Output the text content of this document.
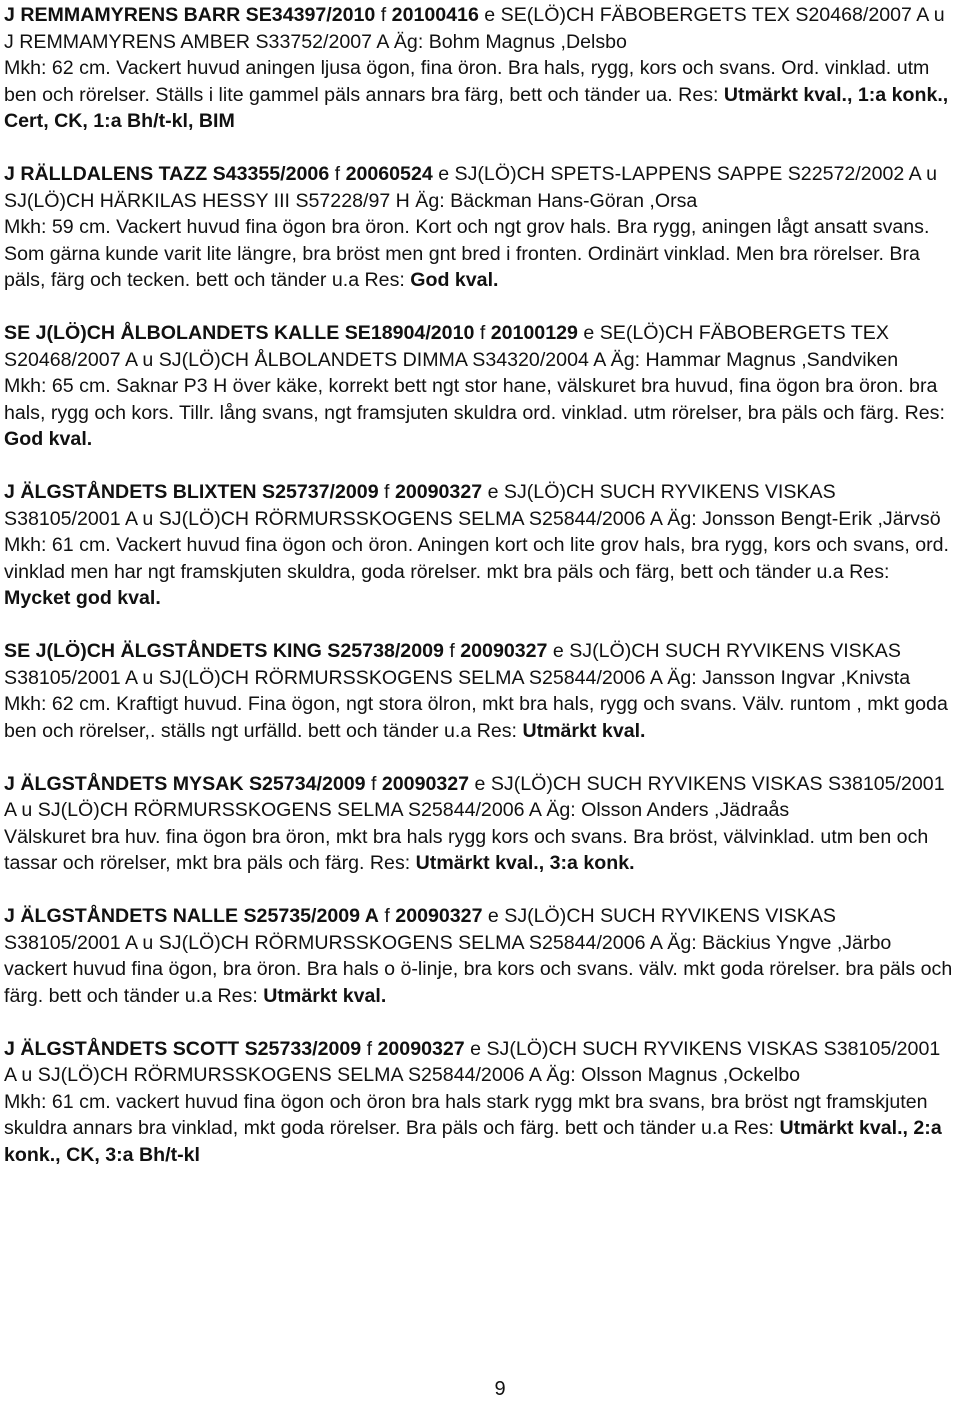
J REMMAMYRENS BARR SE34397/2010 f 20100416 e SE(LÖ)CH FÄBOBERGETS TEX S20468/2007 A u J REMMAMYRENS AMBER S33752/2007 A Äg: Bohm Magnus ,Delsbo
Mkh: 62 cm. Vackert huvud aningen ljusa ögon, fina öron. Bra hals, rygg, kors och svans. Ord. vinklad. utm ben och rörelser. Ställs i lite gammel päls annars bra färg, bett och tänder ua. Res: Utmärkt kval., 1:a konk., Cert, CK, 1:a Bh/t-kl, BIM
J RÄLLDALENS TAZZ S43355/2006 f 20060524 e SJ(LÖ)CH SPETS-LAPPENS SAPPE S22572/2002 A u SJ(LÖ)CH HÄRKILAS HESSY III S57228/97 H Äg: Bäckman Hans-Göran ,Orsa
Mkh: 59 cm. Vackert huvud fina ögon bra öron. Kort och ngt grov hals. Bra rygg, aningen lågt ansatt svans. Som gärna kunde varit lite längre, bra bröst men gnt bred i fronten. Ordinärt vinklad. Men bra rörelser. Bra päls, färg och tecken. bett och tänder u.a Res: God kval.
SE J(LÖ)CH ÅLBOLANDETS KALLE SE18904/2010 f 20100129 e SE(LÖ)CH FÄBOBERGETS TEX S20468/2007 A u SJ(LÖ)CH ÅLBOLANDETS DIMMA S34320/2004 A Äg: Hammar Magnus ,Sandviken
Mkh: 65 cm. Saknar P3 H över käke, korrekt bett ngt stor hane, välskuret bra huvud, fina ögon bra öron. bra hals, rygg och kors. Tillr. lång svans, ngt framsjuten skuldra ord. vinklad. utm rörelser, bra päls och färg. Res: God kval.
J ÄLGSTÅNDETS BLIXTEN S25737/2009 f 20090327 e SJ(LÖ)CH SUCH RYVIKENS VISKAS S38105/2001 A u SJ(LÖ)CH RÖRMURSSKOGENS SELMA S25844/2006 A Äg: Jonsson Bengt-Erik ,Järvsö
Mkh: 61 cm. Vackert huvud fina ögon och öron. Aningen kort och lite grov hals, bra rygg, kors och svans, ord. vinklad men har ngt framskjuten skuldra, goda rörelser. mkt bra päls och färg, bett och tänder u.a Res: Mycket god kval.
SE J(LÖ)CH ÄLGSTÅNDETS KING S25738/2009 f 20090327 e SJ(LÖ)CH SUCH RYVIKENS VISKAS S38105/2001 A u SJ(LÖ)CH RÖRMURSSKOGENS SELMA S25844/2006 A Äg: Jansson Ingvar ,Knivsta
Mkh: 62 cm. Kraftigt huvud. Fina ögon, ngt stora ölron, mkt bra hals, rygg och svans. Välv. runtom , mkt goda ben och rörelser,. ställs ngt urfälld. bett och tänder u.a Res: Utmärkt kval.
J ÄLGSTÅNDETS MYSAK S25734/2009 f 20090327 e SJ(LÖ)CH SUCH RYVIKENS VISKAS S38105/2001 A u SJ(LÖ)CH RÖRMURSSKOGENS SELMA S25844/2006 A Äg: Olsson Anders ,Jädraås
Välskuret bra huv. fina ögon bra öron, mkt bra hals rygg kors och svans. Bra bröst, välvinklad. utm ben och tassar och rörelser, mkt bra päls och färg. Res: Utmärkt kval., 3:a konk.
J ÄLGSTÅNDETS NALLE S25735/2009 A f 20090327 e SJ(LÖ)CH SUCH RYVIKENS VISKAS S38105/2001 A u SJ(LÖ)CH RÖRMURSSKOGENS SELMA S25844/2006 A Äg: Bäckius Yngve ,Järbo
vackert huvud fina ögon, bra öron. Bra hals o ö-linje, bra kors och svans. välv. mkt goda rörelser. bra päls och färg. bett och tänder u.a Res: Utmärkt kval.
J ÄLGSTÅNDETS SCOTT S25733/2009 f 20090327 e SJ(LÖ)CH SUCH RYVIKENS VISKAS S38105/2001 A u SJ(LÖ)CH RÖRMURSSKOGENS SELMA S25844/2006 A Äg: Olsson Magnus ,Ockelbo
Mkh: 61 cm. vackert huvud fina ögon och öron bra hals stark rygg mkt bra svans, bra bröst ngt framskjuten skuldra annars bra vinklad, mkt goda rörelser. Bra päls och färg. bett och tänder u.a Res: Utmärkt kval., 2:a konk., CK, 3:a Bh/t-kl
9
